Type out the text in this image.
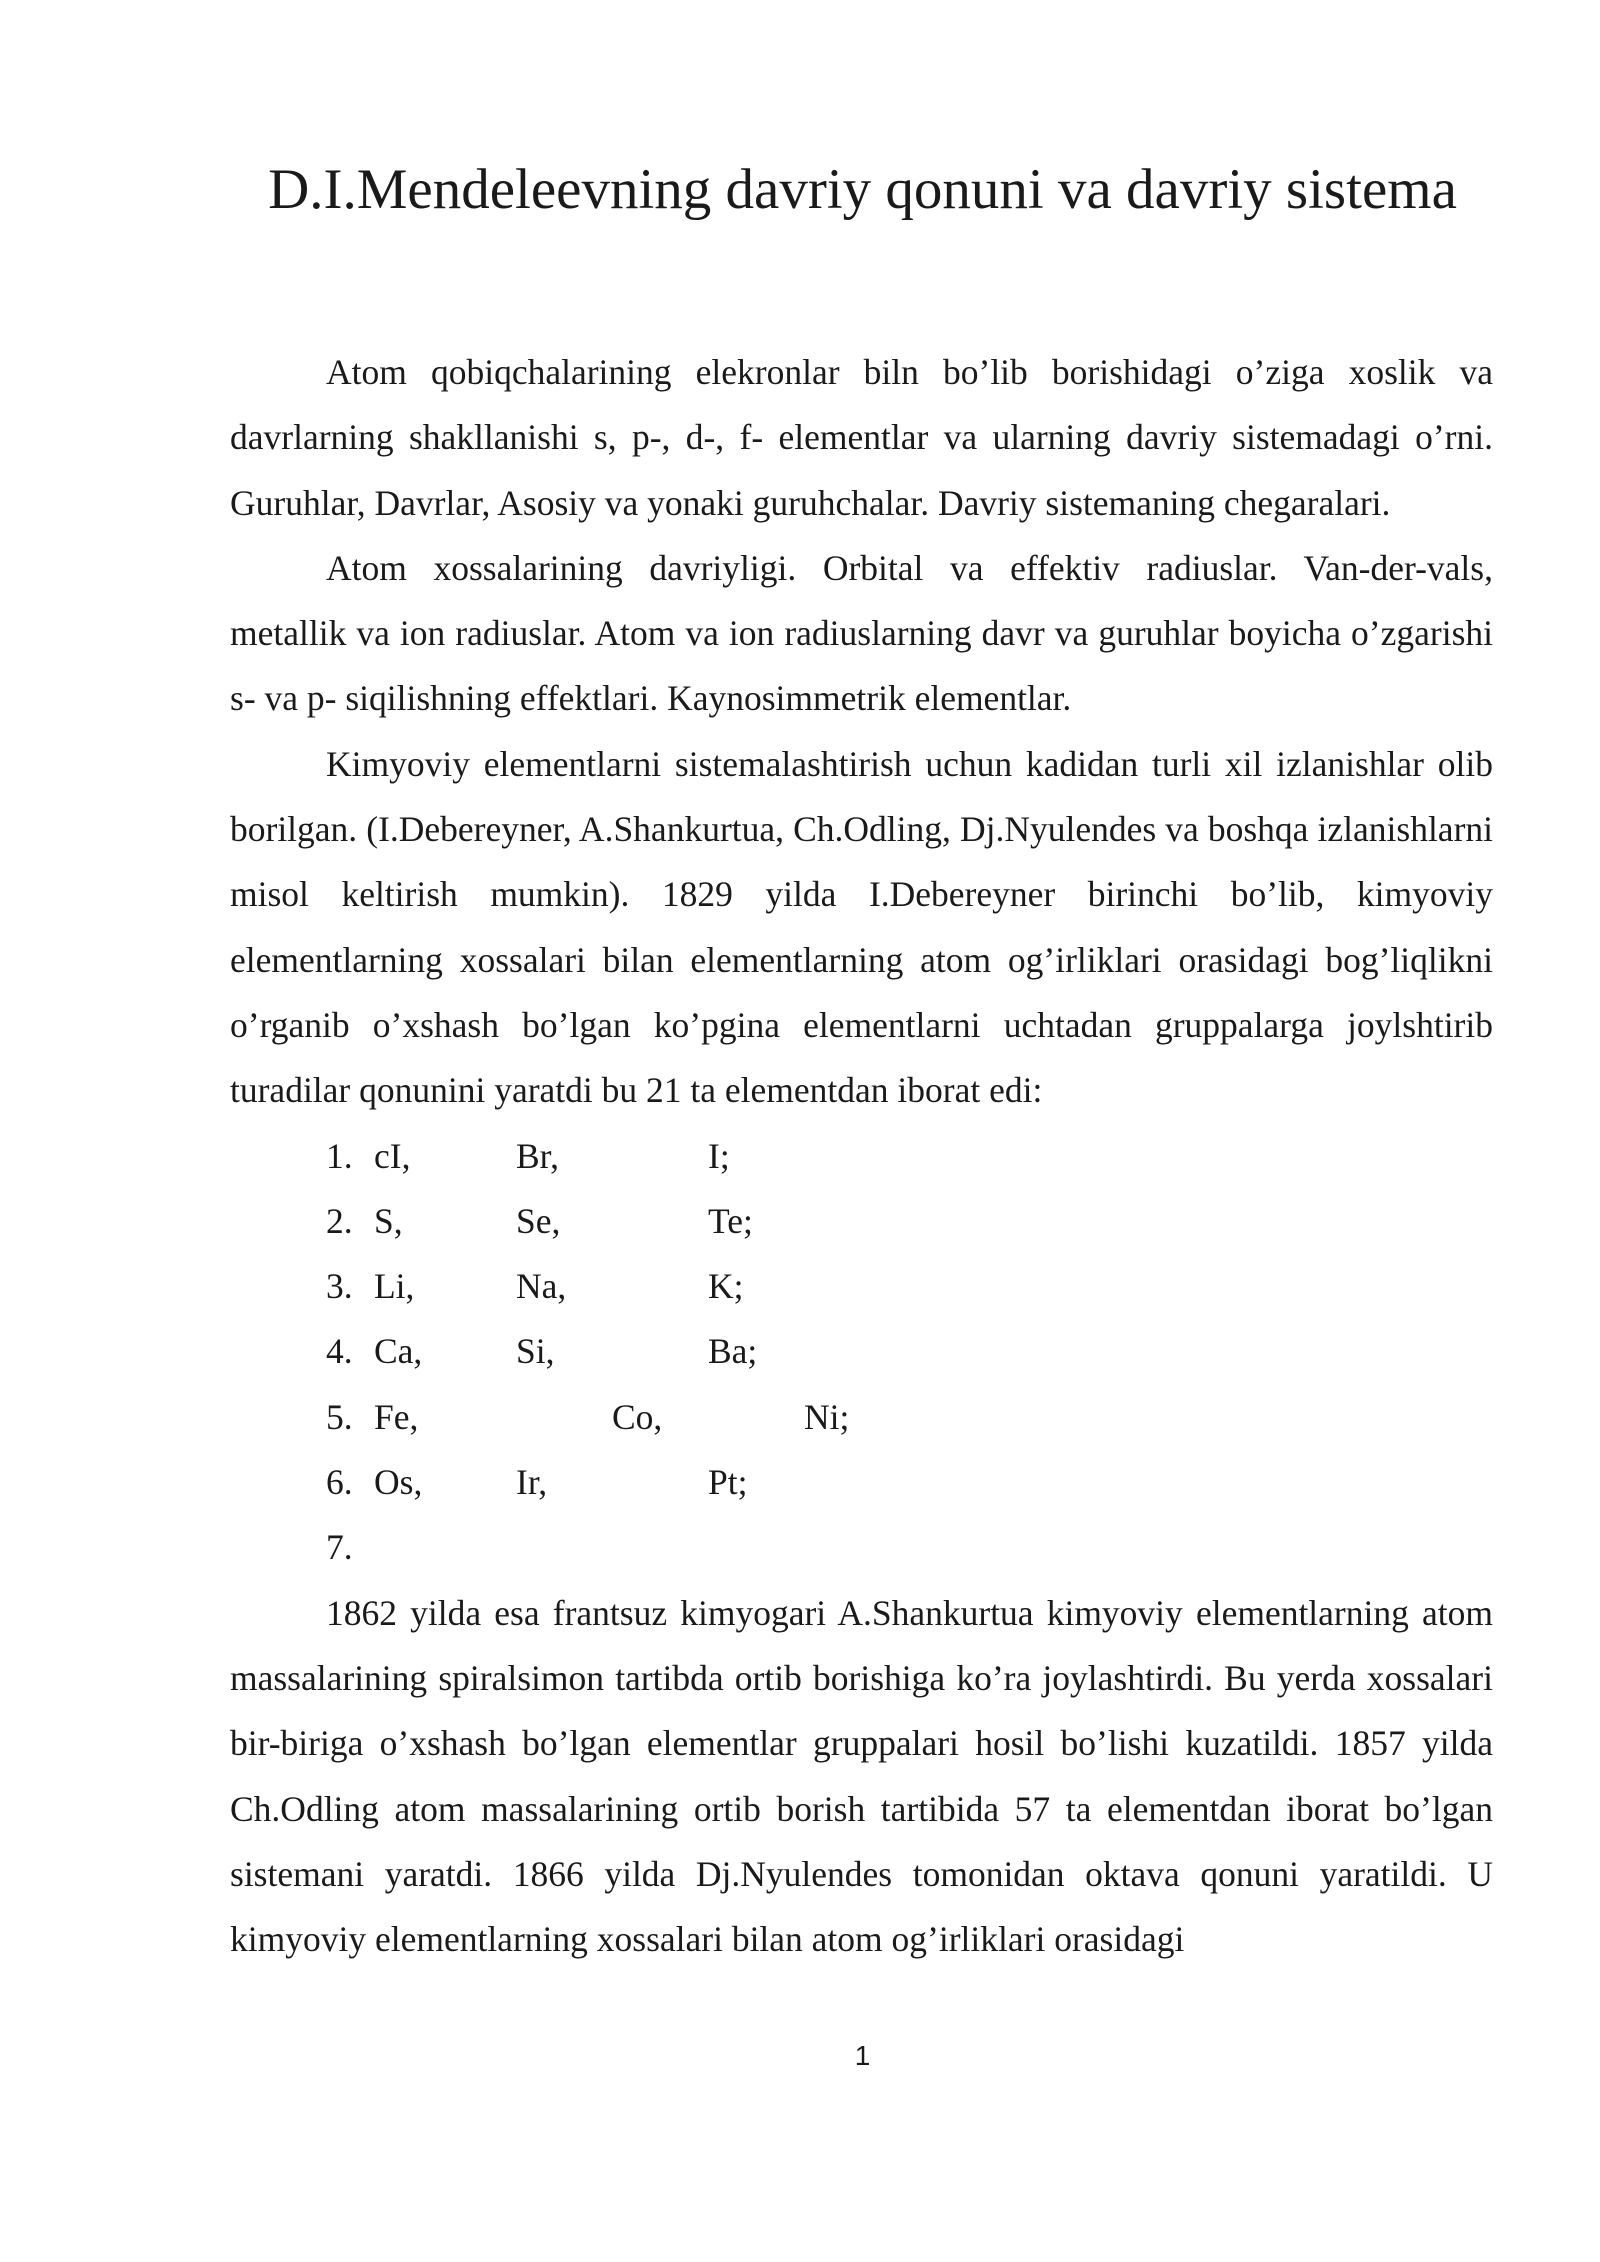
D.I.Mendeleevning davriy qonuni va davriy sistema

Atom qobiqchalarining elekronlar biln bo’lib borishidagi o’ziga xoslik va davrlarning shakllanishi s, p-, d-, f- elementlar va ularning davriy sistemadagi o’rni. Guruhlar, Davrlar, Asosiy va yonaki guruhchalar. Davriy sistemaning chegaralari.

Atom xossalarining davriyligi. Orbital va effektiv radiuslar. Van-der-vals, metallik va ion radiuslar. Atom va ion radiuslarning davr va guruhlar boyicha o’zgarishi s- va p- siqilishning effektlari. Kaynosimmetrik elementlar.

Kimyoviy elementlarni sistemalashtirish uchun kadidan turli xil izlanishlar olib borilgan. (I.Debereyner, A.Shankurtua, Ch.Odling, Dj.Nyulendes va boshqa izlanishlarni misol keltirish mumkin). 1829 yilda I.Debereyner birinchi bo’lib, kimyoviy elementlarning xossalari bilan elementlarning atom og’irliklari orasidagi bog’liqlikni o’rganib o’xshash bo’lgan ko’pgina elementlarni uchtadan gruppalarga joylshtirib turadilar qonunini yaratdi bu 21 ta elementdan iborat edi:

1. cI,	Br,	I;
2. S,	Se,	Te;
3. Li,	Na,	K;
4. Ca,	Si,	Ba;
5. Fe,	Co,	Ni;
6. Os,	Ir,	Pt;
7.

1862 yilda esa frantsuz kimyogari A.Shankurtua kimyoviy elementlarning atom massalarining spiralsimon tartibda ortib borishiga ko’ra joylashtirdi. Bu yerda xossalari bir-biriga o’xshash bo’lgan elementlar gruppalari hosil bo’lishi kuzatildi. 1857 yilda Ch.Odling atom massalarining ortib borish tartibida 57 ta elementdan iborat bo’lgan sistemani yaratdi. 1866 yilda Dj.Nyulendes tomonidan oktava qonuni yaratildi. U kimyoviy elementlarning xossalari bilan atom og’irliklari orasidagi

1
